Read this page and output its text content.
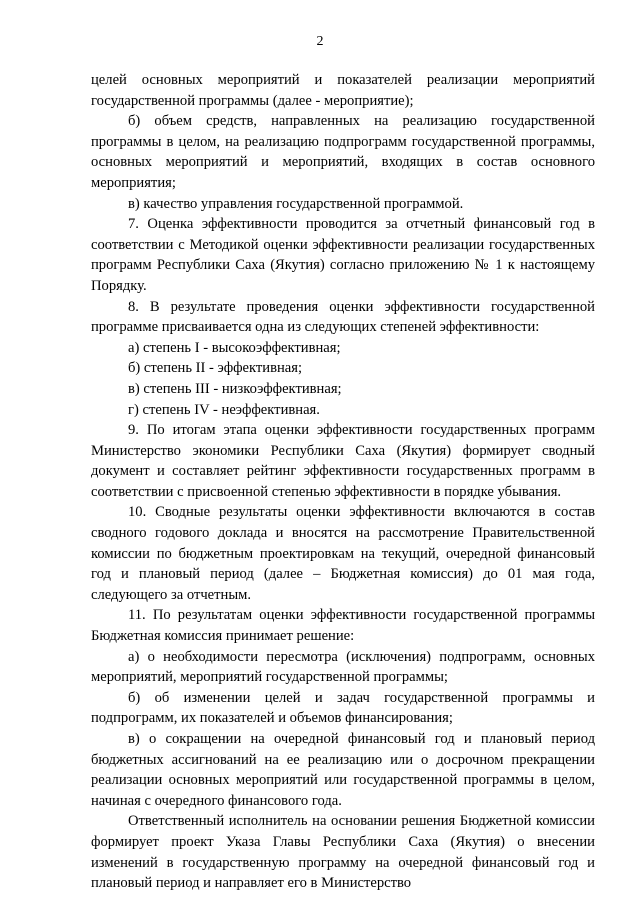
2

целей основных мероприятий и показателей реализации мероприятий государственной программы (далее - мероприятие);

б) объем средств, направленных на реализацию государственной программы в целом, на реализацию подпрограмм государственной программы, основных мероприятий и мероприятий, входящих в состав основного мероприятия;

в) качество управления государственной программой.

7. Оценка эффективности проводится за отчетный финансовый год в соответствии с Методикой оценки эффективности реализации государственных программ Республики Саха (Якутия) согласно приложению № 1 к настоящему Порядку.

8. В результате проведения оценки эффективности государственной программе присваивается одна из следующих степеней эффективности:

а) степень I - высокоэффективная;

б) степень II - эффективная;

в) степень III - низкоэффективная;

г) степень IV - неэффективная.

9. По итогам этапа оценки эффективности государственных программ Министерство экономики Республики Саха (Якутия) формирует сводный документ и составляет рейтинг эффективности государственных программ в соответствии с присвоенной степенью эффективности в порядке убывания.

10. Сводные результаты оценки эффективности включаются в состав сводного годового доклада и вносятся на рассмотрение Правительственной комиссии по бюджетным проектировкам на текущий, очередной финансовый год и плановый период (далее – Бюджетная комиссия) до 01 мая года, следующего за отчетным.

11. По результатам оценки эффективности государственной программы Бюджетная комиссия принимает решение:

а) о необходимости пересмотра (исключения) подпрограмм, основных мероприятий, мероприятий государственной программы;

б) об изменении целей и задач государственной программы и подпрограмм, их показателей и объемов финансирования;

в) о сокращении на очередной финансовый год и плановый период бюджетных ассигнований на ее реализацию или о досрочном прекращении реализации основных мероприятий или государственной программы в целом, начиная с очередного финансового года.

Ответственный исполнитель на основании решения Бюджетной комиссии формирует проект Указа Главы Республики Саха (Якутия) о внесении изменений в государственную программу на очередной финансовый год и плановый период и направляет его в Министерство
